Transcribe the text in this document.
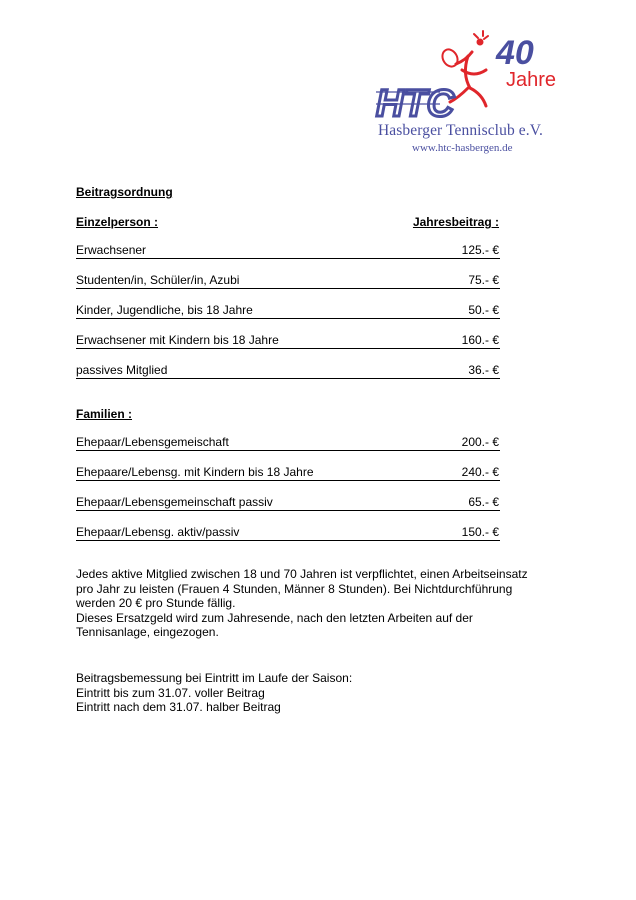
40
Jahre
HTC
Hasberger Tennisclub e.V.
www.htc-hasbergen.de
Beitragsordnung
Einzelperson :	Jahresbeitrag :
Erwachsener	125.- €
Studenten/in, Schüler/in, Azubi	75.- €
Kinder, Jugendliche, bis 18 Jahre	50.- €
Erwachsener mit Kindern bis 18 Jahre	160.- €
passives Mitglied	36.- €
Familien :
Ehepaar/Lebensgemeischaft	200.- €
Ehepaare/Lebensg. mit Kindern bis 18 Jahre	240.- €
Ehepaar/Lebensgemeinschaft passiv	65.- €
Ehepaar/Lebensg. aktiv/passiv	150.- €
Jedes aktive Mitglied zwischen 18 und 70 Jahren ist verpflichtet, einen Arbeitseinsatz
pro Jahr zu leisten (Frauen 4 Stunden, Männer 8 Stunden). Bei Nichtdurchführung
werden 20 € pro Stunde fällig.
Dieses Ersatzgeld wird zum Jahresende, nach den letzten Arbeiten auf der
Tennisanlage, eingezogen.
Beitragsbemessung bei Eintritt im Laufe der Saison:
Eintritt bis zum 31.07. voller Beitrag
Eintritt nach dem 31.07. halber Beitrag
